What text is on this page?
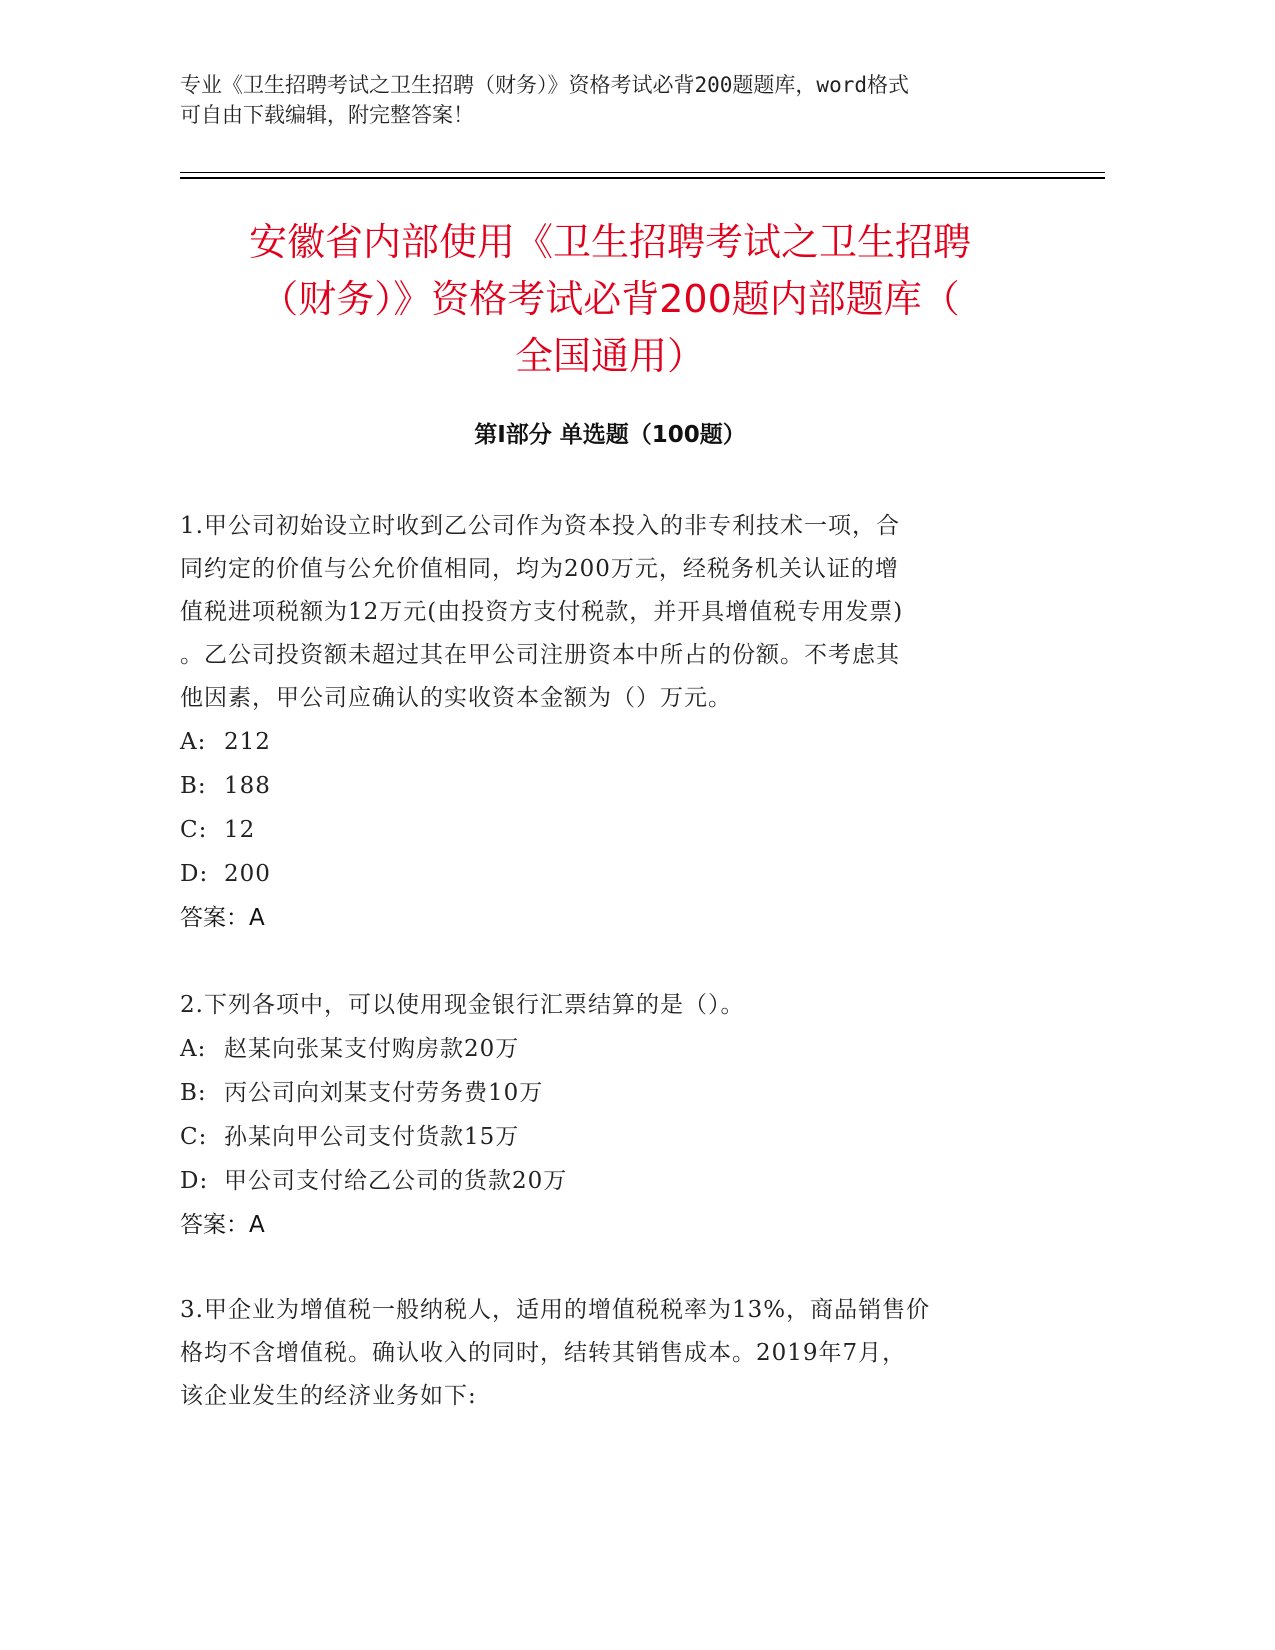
专业《卫生招聘考试之卫生招聘（财务）》资格考试必背200题题库，word格式
可自由下载编辑，附完整答案！
安徽省内部使用《卫生招聘考试之卫生招聘
（财务）》资格考试必背200题内部题库（
全国通用）
第Ⅰ部分 单选题（100题）
1.甲公司初始设立时收到乙公司作为资本投入的非专利技术一项，合
同约定的价值与公允价值相同，均为200万元，经税务机关认证的增
值税进项税额为12万元(由投资方支付税款，并开具增值税专用发票)
。乙公司投资额未超过其在甲公司注册资本中所占的份额。不考虑其
他因素，甲公司应确认的实收资本金额为（）万元。
A: 212
B: 188
C: 12
D: 200
答案：A
2.下列各项中，可以使用现金银行汇票结算的是（）。
A: 赵某向张某支付购房款20万
B: 丙公司向刘某支付劳务费10万
C: 孙某向甲公司支付货款15万
D: 甲公司支付给乙公司的货款20万
答案：A
3.甲企业为增值税一般纳税人，适用的增值税税率为13%，商品销售价
格均不含增值税。确认收入的同时，结转其销售成本。2019年7月，
该企业发生的经济业务如下:
